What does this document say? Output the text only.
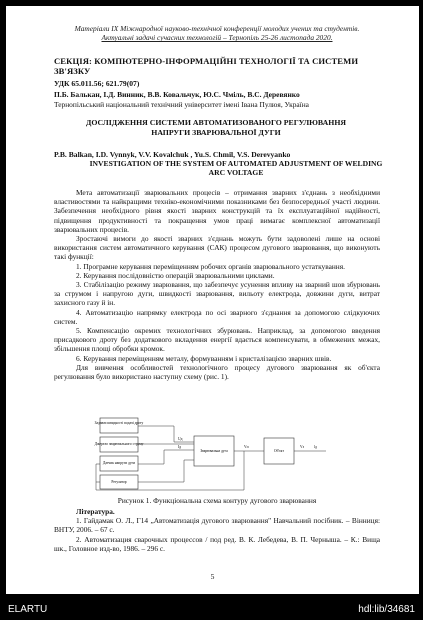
Матеріали IX Міжнародної науково-технічної конференції молодих учених та студентів.
Актуальні задачі сучасних технологій – Тернопіль 25-26 листопада 2020.
СЕКЦІЯ: КОМПЮТЕРНО-ІНФОРМАЦІЙНІ ТЕХНОЛОГІЇ ТА СИСТЕМИ ЗВ'ЯЗКУ
УДК 65.011.56; 621.79(07)
П.Б. Балькан, І.Д. Винник, В.В. Ковальчук, Ю.С. Чміль, В.С. Деревянко
Тернопільський національний технічний університет імені Івана Пулюя, Україна
ДОСЛІДЖЕННЯ СИСТЕМИ АВТОМАТИЗОВАНОГО РЕГУЛЮВАННЯ НАПРУГИ ЗВАРЮВАЛЬНОЇ ДУГИ
P.B. Balkan, I.D. Vynnyk, V.V. Kovalchuk , Yu.S. Chmil, V.S. Derevyanko
INVESTIGATION OF THE SYSTEM OF AUTOMATED ADJUSTMENT OF WELDING ARC VOLTAGE

Мета автоматизації зварювальних процесів – отримання зварних з'єднань з необхідними властивостями та найкращими техніко-економічними показниками без безпосередньої участі людини. Забезпечення необхідного рівня якості зварних конструкцій та їх експлуатаційної надійності, підвищення продуктивності та покращення умов праці вимагає комплексної автоматизації зварювальних процесів.

Зростаючі вимоги до якості зварних з'єднань можуть бути задоволені лише на основі використання систем автоматичного керування (САК) процесом дугового зварювання, що виконують такі функції:

1. Програмне керування переміщенням робочих органів зварювального устаткування.

2. Керування послідовністю операцій зварювальними циклами.

3. Стабілізацію режиму зварювання, що забезпечує усунення впливу на зварний шов збурювань за струмом і напругою дуги, швидкості зварювання, вильоту електрода, довжини дуги, витрат захисного газу й ін.

4. Автоматизацію напрямку електрода по осі зварного з'єднання за допомогою слідкуючих систем.

5. Компенсацію окремих технологічних збурювань. Наприклад, за допомогою введення присадкового дроту без додаткового вкладення енергії вдається компенсувати, в обмежених межах, збільшення площі обробки кромок.

6. Керування переміщенням металу, формуванням і кристалізацією зварних швів.

Для вивчення особливостей технологічного процесу дугового зварювання як об'єкта регулювання було використано наступну схему (рис. 1).

Задавач швидкості подачі дроту
Джерело зварювального струму
Датчик напруги дуги
Регулятор
Зварювальна дуга	Об'єкт
Uд
Iд	Vп	Vз	lд
Рисунок 1. Функціональна схема контуру дугового зварювання

Література.

1. Гайдамак О. Л., Г14 „Автоматизація дугового зварювання" Навчальний посібник. – Вінниця: ВНТУ, 2006. – 67 с.

2. Автоматизация сварочных процессов / под ред. В. К. Лебедева, В. П. Черныша. – К.: Вища шк., Головное изд-во, 1986. – 296 с.

5
ELARTU	hdl:lib/34681
